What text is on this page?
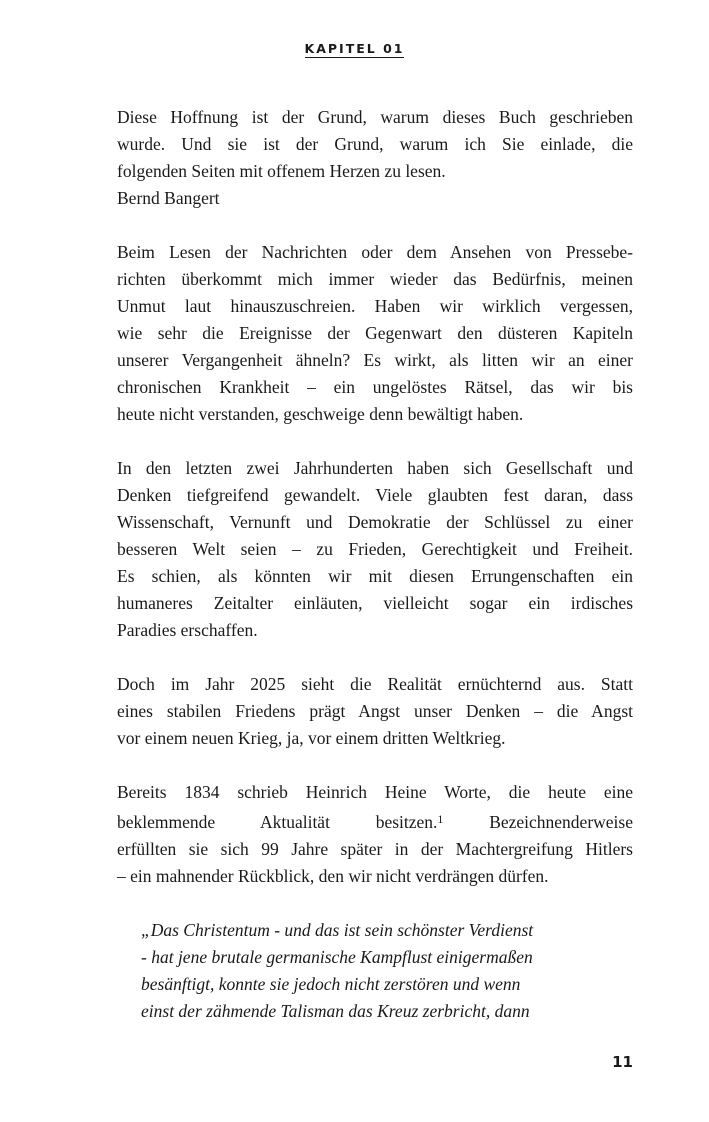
KAPITEL 01

Diese Hoffnung ist der Grund, warum dieses Buch geschrieben
wurde. Und sie ist der Grund, warum ich Sie einlade, die
folgenden Seiten mit offenem Herzen zu lesen.
Bernd Bangert

Beim Lesen der Nachrichten oder dem Ansehen von Pressebe-
richten überkommt mich immer wieder das Bedürfnis, meinen
Unmut laut hinauszuschreien. Haben wir wirklich vergessen,
wie sehr die Ereignisse der Gegenwart den düsteren Kapiteln
unserer Vergangenheit ähneln? Es wirkt, als litten wir an einer
chronischen Krankheit – ein ungelöstes Rätsel, das wir bis
heute nicht verstanden, geschweige denn bewältigt haben.

In den letzten zwei Jahrhunderten haben sich Gesellschaft und
Denken tiefgreifend gewandelt. Viele glaubten fest daran, dass
Wissenschaft, Vernunft und Demokratie der Schlüssel zu einer
besseren Welt seien – zu Frieden, Gerechtigkeit und Freiheit.
Es schien, als könnten wir mit diesen Errungenschaften ein
humaneres Zeitalter einläuten, vielleicht sogar ein irdisches
Paradies erschaffen.

Doch im Jahr 2025 sieht die Realität ernüchternd aus. Statt
eines stabilen Friedens prägt Angst unser Denken – die Angst
vor einem neuen Krieg, ja, vor einem dritten Weltkrieg.

Bereits 1834 schrieb Heinrich Heine Worte, die heute eine
beklemmende Aktualität besitzen.$^1$	Bezeichnenderweise
erfüllten sie sich 99 Jahre später in der Machtergreifung Hitlers
– ein mahnender Rückblick, den wir nicht verdrängen dürfen.

„Das Christentum - und das ist sein schönster Verdienst
- hat jene brutale germanische Kampflust einigermaßen
besänftigt, konnte sie jedoch nicht zerstören und wenn
einst der zähmende Talisman das Kreuz zerbricht, dann

11
